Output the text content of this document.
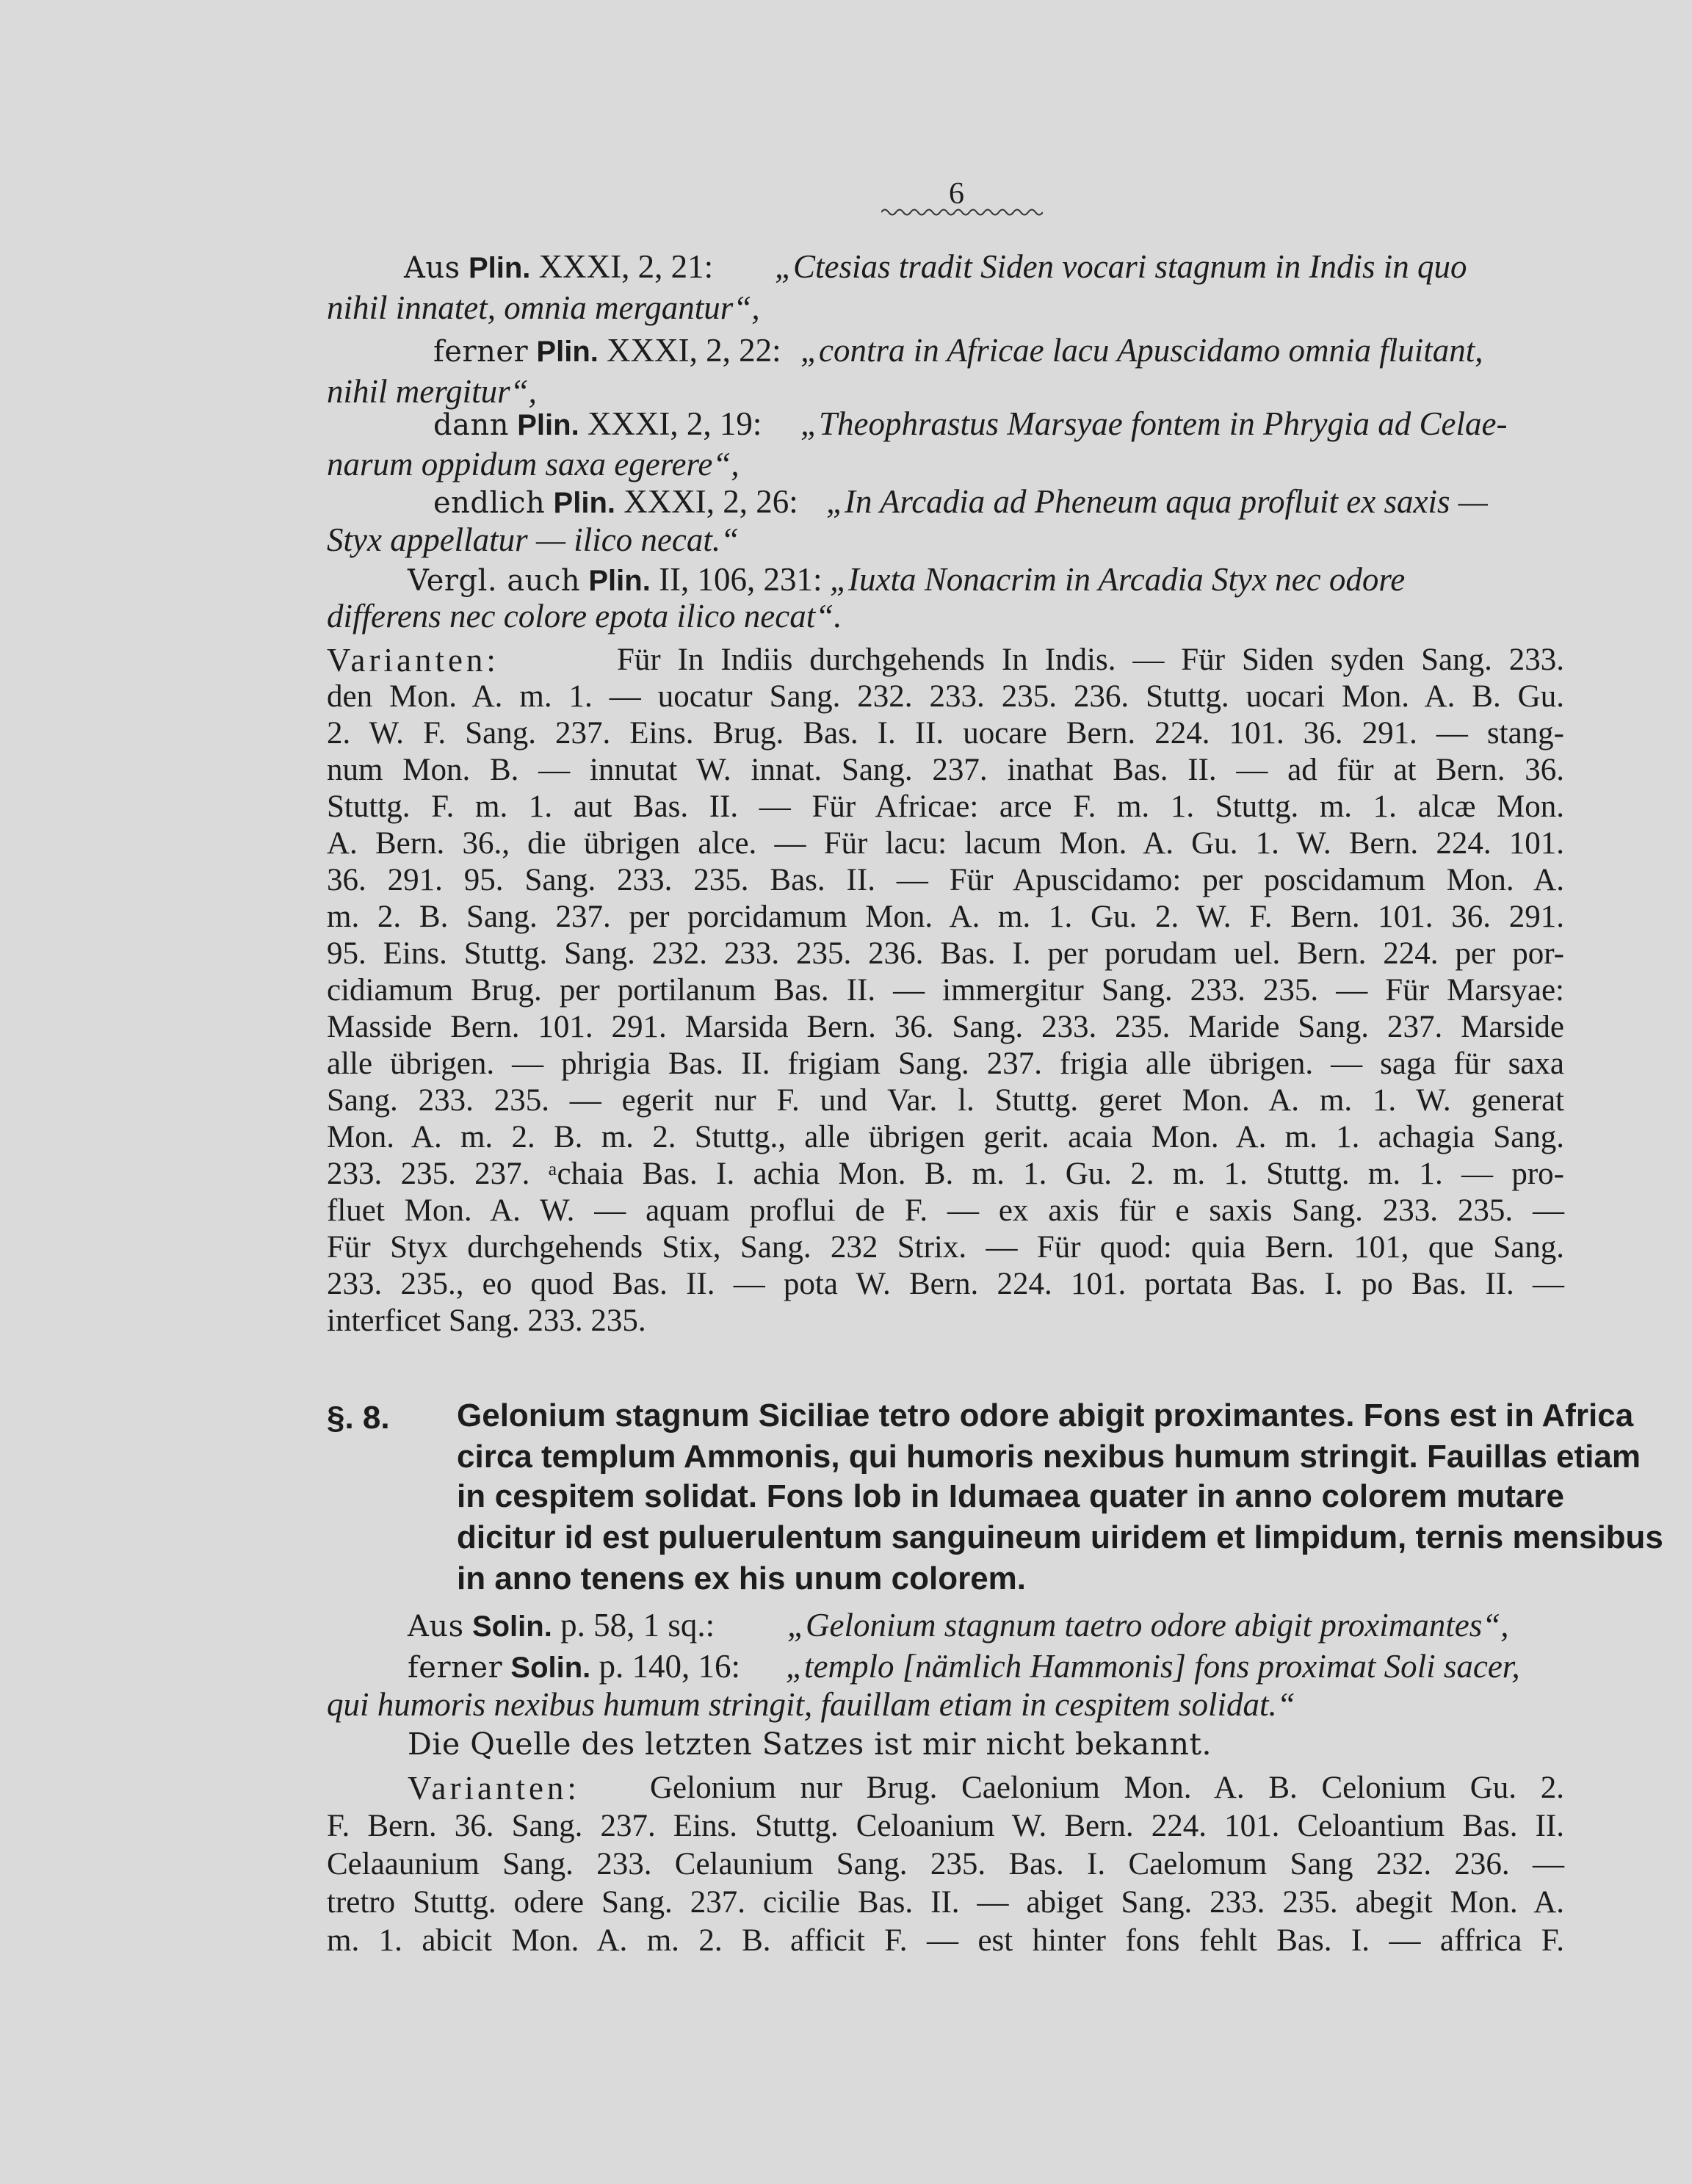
6
Aus Plin. XXXI, 2, 21: „Ctesias tradit Siden vocari stagnum in Indis in quo
nihil innatet, omnia mergantur“,
ferner Plin. XXXI, 2, 22: „contra in Africae lacu Apuscidamo omnia fluitant,
nihil mergitur“,
dann Plin. XXXI, 2, 19: „Theophrastus Marsyae fontem in Phrygia ad Celae-
narum oppidum saxa egerere“,
endlich Plin. XXXI, 2, 26: „In Arcadia ad Pheneum aqua profluit ex saxis —
Styx appellatur — ilico necat.“
Vergl. auch Plin. II, 106, 231: „Iuxta Nonacrim in Arcadia Styx nec odore
differens nec colore epota ilico necat“.
Varianten:	Für In Indiis durchgehends In Indis. — Für Siden syden Sang. 233.
den Mon. A. m. 1. — uocatur Sang. 232. 233. 235. 236. Stuttg. uocari Mon. A. B. Gu.
2. W. F. Sang. 237. Eins. Brug. Bas. I. II. uocare Bern. 224. 101. 36. 291. — stang-
num Mon. B. — innutat W. innat. Sang. 237. inathat Bas. II. — ad für at Bern. 36.
Stuttg. F. m. 1. aut Bas. II. — Für Africae: arce F. m. 1. Stuttg. m. 1. alcæ Mon.
A. Bern. 36., die übrigen alce. — Für lacu: lacum Mon. A. Gu. 1. W. Bern. 224. 101.
36. 291. 95. Sang. 233. 235. Bas. II. — Für Apuscidamo: per poscidamum Mon. A.
m. 2. B. Sang. 237. per porcidamum Mon. A. m. 1. Gu. 2. W. F. Bern. 101. 36. 291.
95. Eins. Stuttg. Sang. 232. 233. 235. 236. Bas. I. per porudam uel. Bern. 224. per por-
cidiamum Brug. per portilanum Bas. II. — immergitur Sang. 233. 235. — Für Marsyae:
Masside Bern. 101. 291. Marsida Bern. 36. Sang. 233. 235. Maride Sang. 237. Marside
alle übrigen. — phrigia Bas. II. frigiam Sang. 237. frigia alle übrigen. — saga für saxa
Sang. 233. 235. — egerit nur F. und Var. l. Stuttg. geret Mon. A. m. 1. W. generat
Mon. A. m. 2. B. m. 2. Stuttg., alle übrigen gerit. acaia Mon. A. m. 1. achagia Sang.
233. 235. 237. ᵃchaia Bas. I. achia Mon. B. m. 1. Gu. 2. m. 1. Stuttg. m. 1. — pro-
fluet Mon. A. W. — aquam proflui de F. — ex axis für e saxis Sang. 233. 235. —
Für Styx durchgehends Stix, Sang. 232 Strix. — Für quod: quia Bern. 101, que Sang.
233. 235., eo quod Bas. II. — pota W. Bern. 224. 101. portata Bas. I. po Bas. II. —
interficet Sang. 233. 235.
§. 8. Gelonium stagnum Siciliae tetro odore abigit proximantes. Fons est in Africa
circa templum Ammonis, qui humoris nexibus humum stringit. Fauillas etiam
in cespitem solidat. Fons lob in Idumaea quater in anno colorem mutare
dicitur id est puluerulentum sanguineum uiridem et limpidum, ternis mensibus
in anno tenens ex his unum colorem.
Aus Solin. p. 58, 1 sq.: „Gelonium stagnum taetro odore abigit proximantes“,
ferner Solin. p. 140, 16: „templo [nämlich Hammonis] fons proximat Soli sacer,
qui humoris nexibus humum stringit, fauillam etiam in cespitem solidat.“
Die Quelle des letzten Satzes ist mir nicht bekannt.
Varianten: Gelonium nur Brug. Caelonium Mon. A. B. Celonium Gu. 2.
F. Bern. 36. Sang. 237. Eins. Stuttg. Celoanium W. Bern. 224. 101. Celoantium Bas. II.
Celaaunium Sang. 233. Celaunium Sang. 235. Bas. I. Caelomum Sang 232. 236. —
tretro Stuttg. odere Sang. 237. cicilie Bas. II. — abiget Sang. 233. 235. abegit Mon. A.
m. 1. abicit Mon. A. m. 2. B. afficit F. — est hinter fons fehlt Bas. I. — affrica F.
